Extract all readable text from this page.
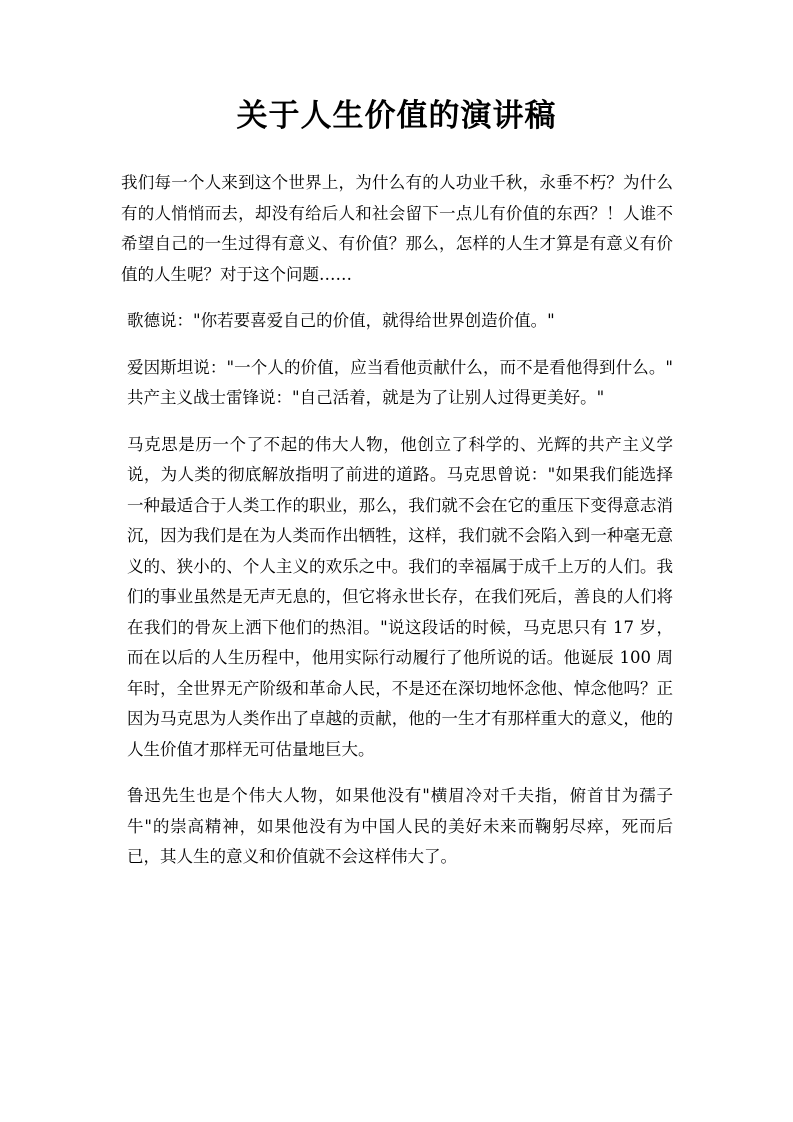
关于人生价值的演讲稿

我们每一个人来到这个世界上，为什么有的人功业千秋，永垂不朽？为什么有的人悄悄而去，却没有给后人和社会留下一点儿有价值的东西？！人谁不希望自己的一生过得有意义、有价值？那么，怎样的人生才算是有意义有价值的人生呢？对于这个问题……

歌德说："你若要喜爱自己的价值，就得给世界创造价值。"

爱因斯坦说："一个人的价值，应当看他贡献什么，而不是看他得到什么。" 共产主义战士雷锋说："自己活着，就是为了让别人过得更美好。"

马克思是历一个了不起的伟大人物，他创立了科学的、光辉的共产主义学说，为人类的彻底解放指明了前进的道路。马克思曾说："如果我们能选择一种最适合于人类工作的职业，那么，我们就不会在它的重压下变得意志消沉，因为我们是在为人类而作出牺牲，这样，我们就不会陷入到一种毫无意义的、狭小的、个人主义的欢乐之中。我们的幸福属于成千上万的人们。我们的事业虽然是无声无息的，但它将永世长存，在我们死后，善良的人们将在我们的骨灰上洒下他们的热泪。"说这段话的时候，马克思只有 17 岁，而在以后的人生历程中，他用实际行动履行了他所说的话。他诞辰 100 周年时，全世界无产阶级和革命人民，不是还在深切地怀念他、悼念他吗？正因为马克思为人类作出了卓越的贡献，他的一生才有那样重大的意义，他的人生价值才那样无可估量地巨大。

鲁迅先生也是个伟大人物，如果他没有"横眉冷对千夫指，俯首甘为孺子牛"的崇高精神，如果他没有为中国人民的美好未来而鞠躬尽瘁，死而后已，其人生的意义和价值就不会这样伟大了。
